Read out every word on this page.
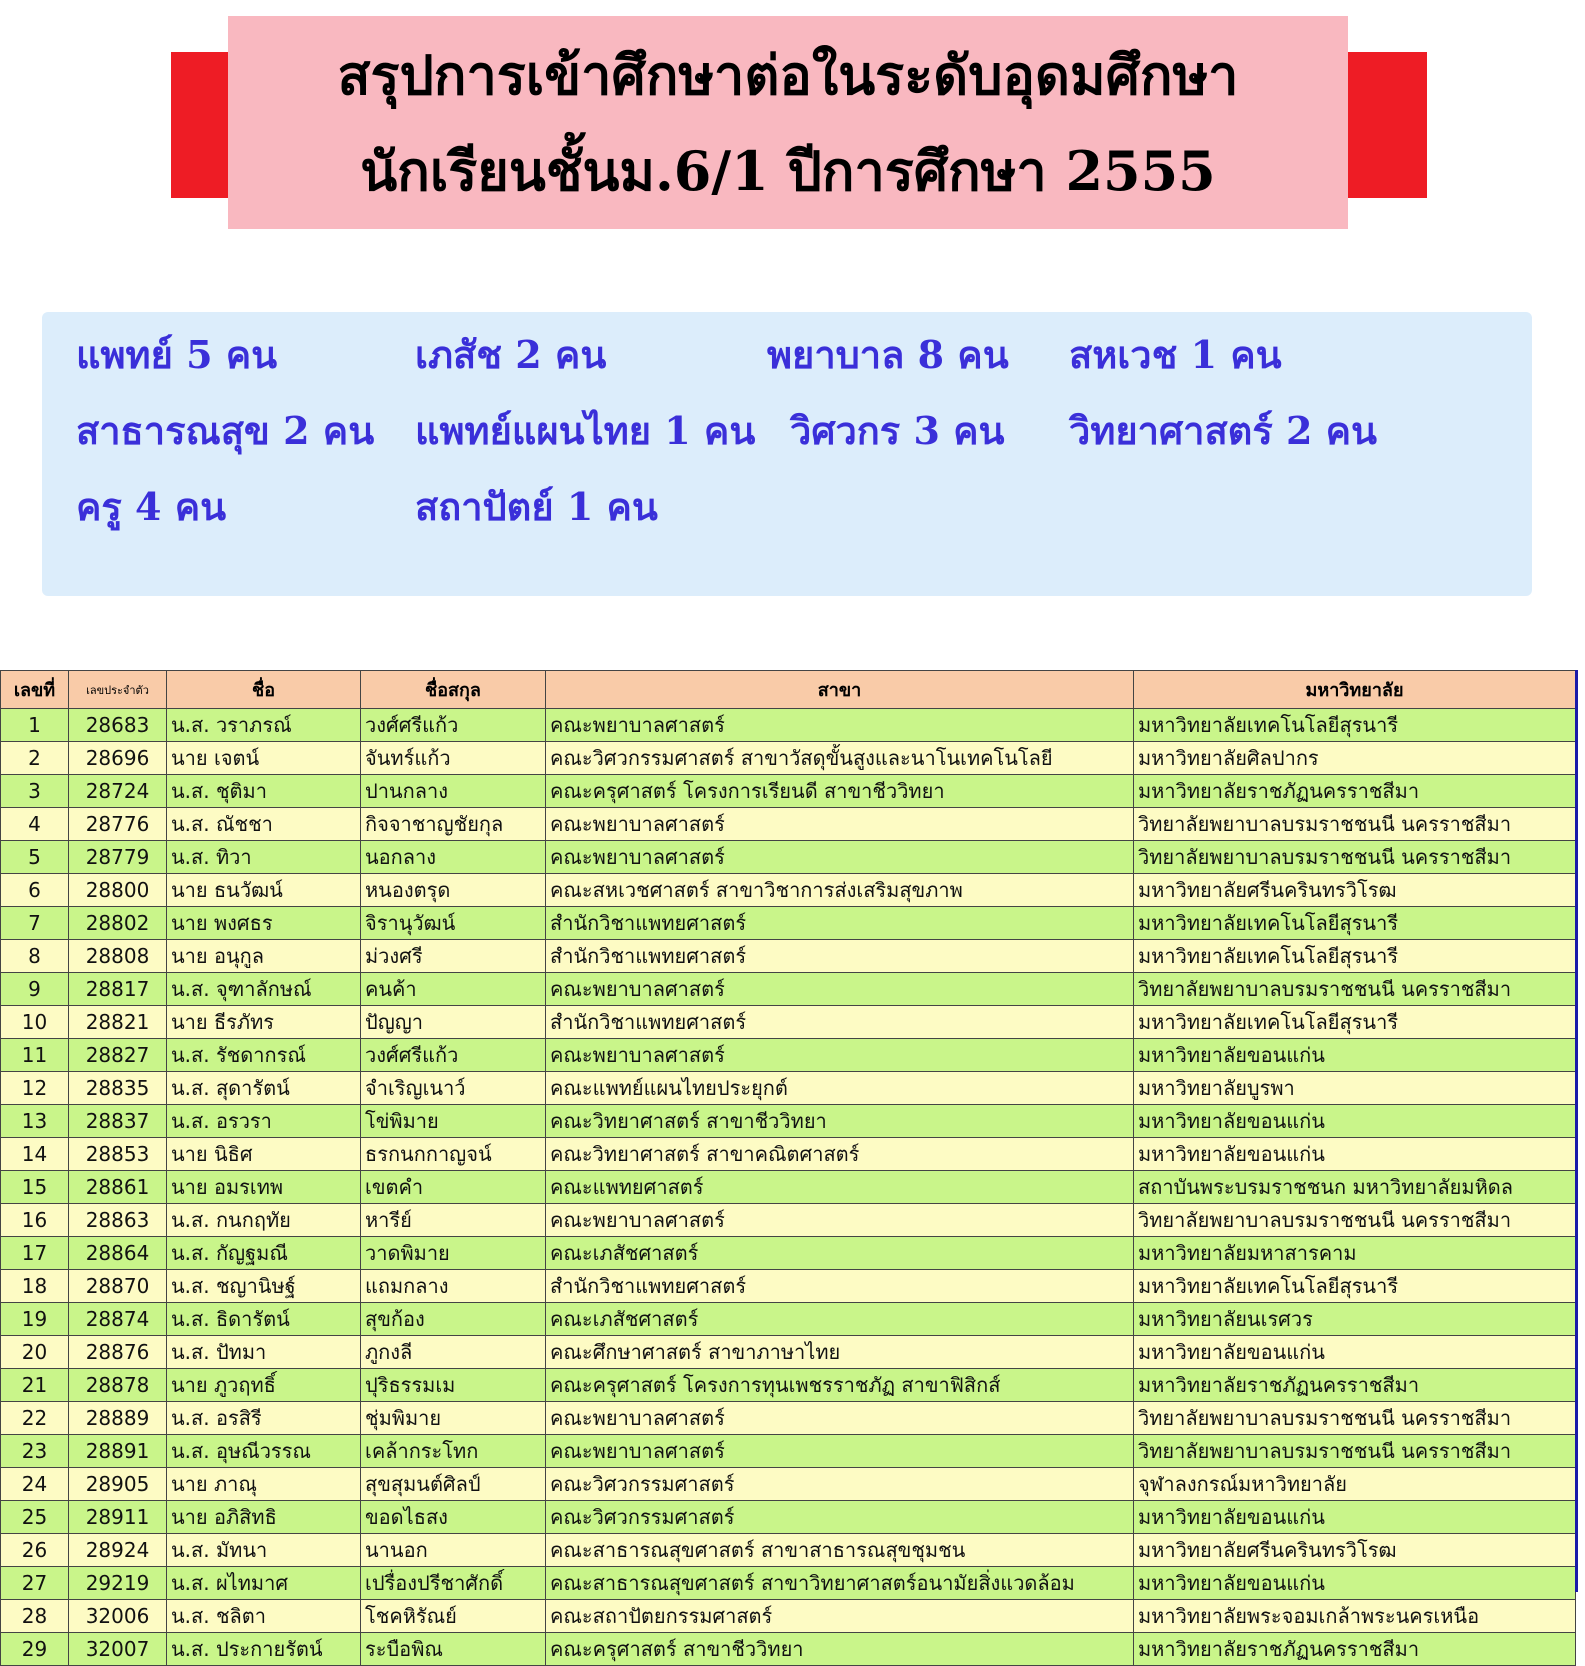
สรุปการเข้าศึกษาต่อในระดับอุดมศึกษา
นักเรียนชั้นม.6/1 ปีการศึกษา 2555
แพทย์ 5 คน	เภสัช 2 คน	พยาบาล 8 คน สหเวช 1 คน
สาธารณสุข 2 คน แพทย์แผนไทย 1 คน วิศวกร 3 คน วิทยาศาสตร์ 2 คน
ครู 4 คน	สถาปัตย์ 1 คน
เลขที่	เลขประจำตัว	ชื่อ	ชื่อสกุล	สาขา	มหาวิทยาลัย
1	28683	น.ส. วราภรณ์	วงศ์ศรีแก้ว	คณะพยาบาลศาสตร์	มหาวิทยาลัยเทคโนโลยีสุรนารี
2	28696	นาย เจตน์	จันทร์แก้ว	คณะวิศวกรรมศาสตร์ สาขาวัสดุขั้นสูงและนาโนเทคโนโลยี	มหาวิทยาลัยศิลปากร
3	28724	น.ส. ชุติมา	ปานกลาง	คณะครุศาสตร์ โครงการเรียนดี สาขาชีววิทยา	มหาวิทยาลัยราชภัฏนครราชสีมา
4	28776	น.ส. ณัชชา	กิจจาชาญชัยกุล	คณะพยาบาลศาสตร์	วิทยาลัยพยาบาลบรมราชชนนี นครราชสีมา
5	28779	น.ส. ทิวา	นอกลาง	คณะพยาบาลศาสตร์	วิทยาลัยพยาบาลบรมราชชนนี นครราชสีมา
6	28800	นาย ธนวัฒน์	หนองตรุด	คณะสหเวชศาสตร์ สาขาวิชาการส่งเสริมสุขภาพ	มหาวิทยาลัยศรีนครินทรวิโรฒ
7	28802	นาย พงศธร	จิรานุวัฒน์	สำนักวิชาแพทยศาสตร์	มหาวิทยาลัยเทคโนโลยีสุรนารี
8	28808	นาย อนุกูล	ม่วงศรี	สำนักวิชาแพทยศาสตร์	มหาวิทยาลัยเทคโนโลยีสุรนารี
9	28817	น.ส. จุฑาลักษณ์	คนค้า	คณะพยาบาลศาสตร์	วิทยาลัยพยาบาลบรมราชชนนี นครราชสีมา
10	28821	นาย ธีรภัทร	ปัญญา	สำนักวิชาแพทยศาสตร์	มหาวิทยาลัยเทคโนโลยีสุรนารี
11	28827	น.ส. รัชดากรณ์	วงศ์ศรีแก้ว	คณะพยาบาลศาสตร์	มหาวิทยาลัยขอนแก่น
12	28835	น.ส. สุดารัตน์	จำเริญเนาว์	คณะแพทย์แผนไทยประยุกต์	มหาวิทยาลัยบูรพา
13	28837	น.ส. อรวรา	โข่พิมาย	คณะวิทยาศาสตร์ สาขาชีววิทยา	มหาวิทยาลัยขอนแก่น
14	28853	นาย นิธิศ	ธรกนกกาญจน์	คณะวิทยาศาสตร์ สาขาคณิตศาสตร์	มหาวิทยาลัยขอนแก่น
15	28861	นาย อมรเทพ	เขตคำ	คณะแพทยศาสตร์	สถาบันพระบรมราชชนก มหาวิทยาลัยมหิดล
16	28863	น.ส. กนกฤทัย	หารีย์	คณะพยาบาลศาสตร์	วิทยาลัยพยาบาลบรมราชชนนี นครราชสีมา
17	28864	น.ส. กัญฐมณี	วาดพิมาย	คณะเภสัชศาสตร์	มหาวิทยาลัยมหาสารคาม
18	28870	น.ส. ชญานิษฐ์	แถมกลาง	สำนักวิชาแพทยศาสตร์	มหาวิทยาลัยเทคโนโลยีสุรนารี
19	28874	น.ส. ธิดารัตน์	สุขก้อง	คณะเภสัชศาสตร์	มหาวิทยาลัยนเรศวร
20	28876	น.ส. ปัทมา	ภูกงลี	คณะศึกษาศาสตร์ สาขาภาษาไทย	มหาวิทยาลัยขอนแก่น
21	28878	นาย ภูวฤทธิ์	ปุริธรรมเม	คณะครุศาสตร์ โครงการทุนเพชรราชภัฏ สาขาฟิสิกส์	มหาวิทยาลัยราชภัฏนครราชสีมา
22	28889	น.ส. อรสิรี	ชุ่มพิมาย	คณะพยาบาลศาสตร์	วิทยาลัยพยาบาลบรมราชชนนี นครราชสีมา
23	28891	น.ส. อุษณีวรรณ	เคล้ากระโทก	คณะพยาบาลศาสตร์	วิทยาลัยพยาบาลบรมราชชนนี นครราชสีมา
24	28905	นาย ภาณุ	สุขสุมนต์ศิลป์	คณะวิศวกรรมศาสตร์	จุฬาลงกรณ์มหาวิทยาลัย
25	28911	นาย อภิสิทธิ	ขอดไธสง	คณะวิศวกรรมศาสตร์	มหาวิทยาลัยขอนแก่น
26	28924	น.ส. มัทนา	นานอก	คณะสาธารณสุขศาสตร์ สาขาสาธารณสุขชุมชน	มหาวิทยาลัยศรีนครินทรวิโรฒ
27	29219	น.ส. ผไทมาศ	เปรื่องปรีชาศักดิ์	คณะสาธารณสุขศาสตร์ สาขาวิทยาศาสตร์อนามัยสิ่งแวดล้อม	มหาวิทยาลัยขอนแก่น
28	32006	น.ส. ชลิตา	โชคหิรัณย์	คณะสถาปัตยกรรมศาสตร์	มหาวิทยาลัยพระจอมเกล้าพระนครเหนือ
29	32007	น.ส. ประกายรัตน์	ระบือพิณ	คณะครุศาสตร์ สาขาชีววิทยา	มหาวิทยาลัยราชภัฏนครราชสีมา
